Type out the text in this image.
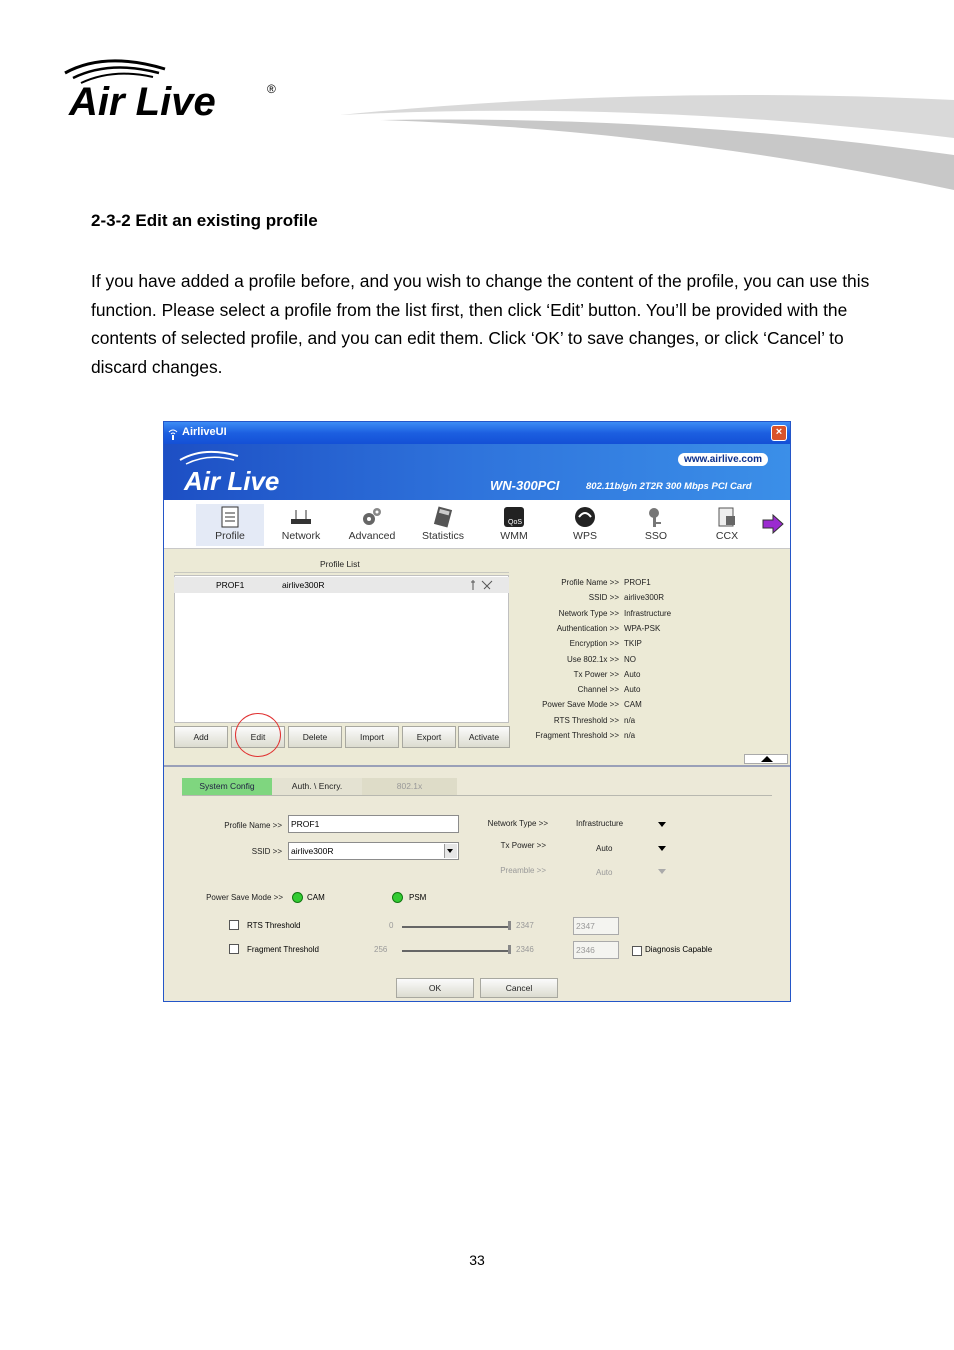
Air Live	®
2-3-2 Edit an existing profile
If you have added a profile before, and you wish to change the content of the profile, you can use this function. Please select a profile from the list first, then click ‘Edit’ button. You’ll be provided with the contents of selected profile, and you can edit them. Click ‘OK’ to save changes, or click ‘Cancel’ to discard changes.
AirliveUI	×
Air Live
www.airlive.com
WN-300PCI	802.11b/g/n 2T2R 300 Mbps PCI Card
Profile	Network	Advanced	Statistics
QoS
WMM	WPS	SSO	CCX
Profile List
PROF1	airlive300R
Add	Edit	Delete	Import	Export	Activate
System Config	Auth. \ Encry.	802.1x
Profile Name >>	PROF1
SSID >>	airlive300R
Network Type >>	Infrastructure
Tx Power >>	Auto
Preamble >>	Auto
Power Save Mode >>	CAM	PSM
RTS Threshold	0	2347	2347
Fragment Threshold	256	2346	2346	Diagnosis Capable
OK	Cancel
Profile Name >> PROF1
SSID >> airlive300R
Network Type >> Infrastructure
Authentication >> WPA-PSK
Encryption >> TKIP
Use 802.1x >> NO
Tx Power >> Auto
Channel >> Auto
Power Save Mode >> CAM
RTS Threshold >> n/a
Fragment Threshold >> n/a
33
